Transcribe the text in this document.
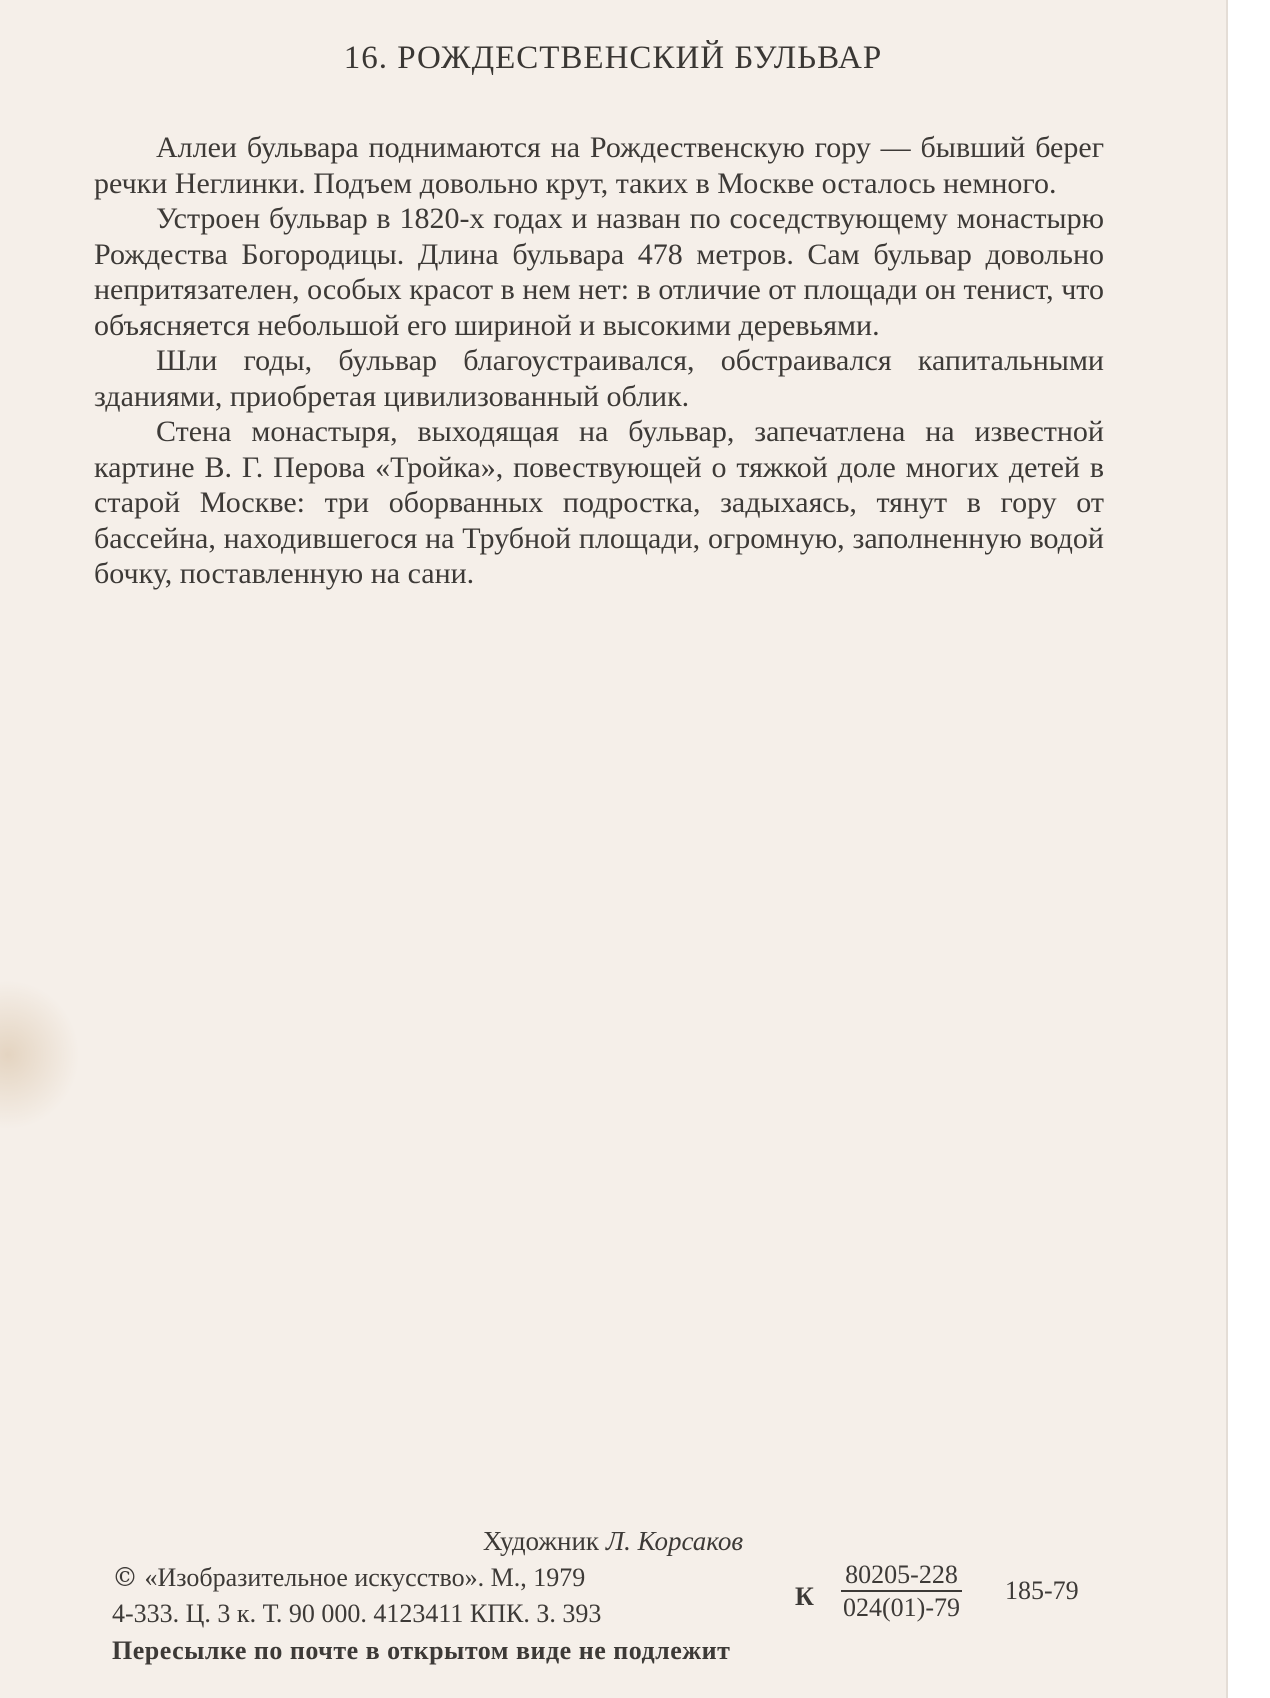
16. РОЖДЕСТВЕНСКИЙ БУЛЬВАР

Аллеи бульвара поднимаются на Рождественскую гору — бывший берег речки Неглинки. Подъем довольно крут, таких в Москве осталось немного.

Устроен бульвар в 1820-х годах и назван по соседствующему монастырю Рождества Богородицы. Длина бульвара 478 метров. Сам бульвар довольно непритязателен, особых красот в нем нет: в отличие от площади он тенист, что объясняется небольшой его шириной и высокими деревьями.

Шли годы, бульвар благоустраивался, обстраивался капитальными зданиями, приобретая цивилизованный облик.

Стена монастыря, выходящая на бульвар, запечатлена на известной картине В. Г. Перова «Тройка», повествующей о тяжкой доле многих детей в старой Москве: три оборванных подростка, задыхаясь, тянут в гору от бассейна, находившегося на Трубной площади, огромную, заполненную водой бочку, поставленную на сани.

Художник Л. Корсаков
© «Изобразительное искусство». М., 1979
4-333. Ц. 3 к. Т. 90 000. 4123411 КПК. З. 393
К $\frac{80205-228}{024(01)-79} 185-79$
Пересылке по почте в открытом виде не подлежит
